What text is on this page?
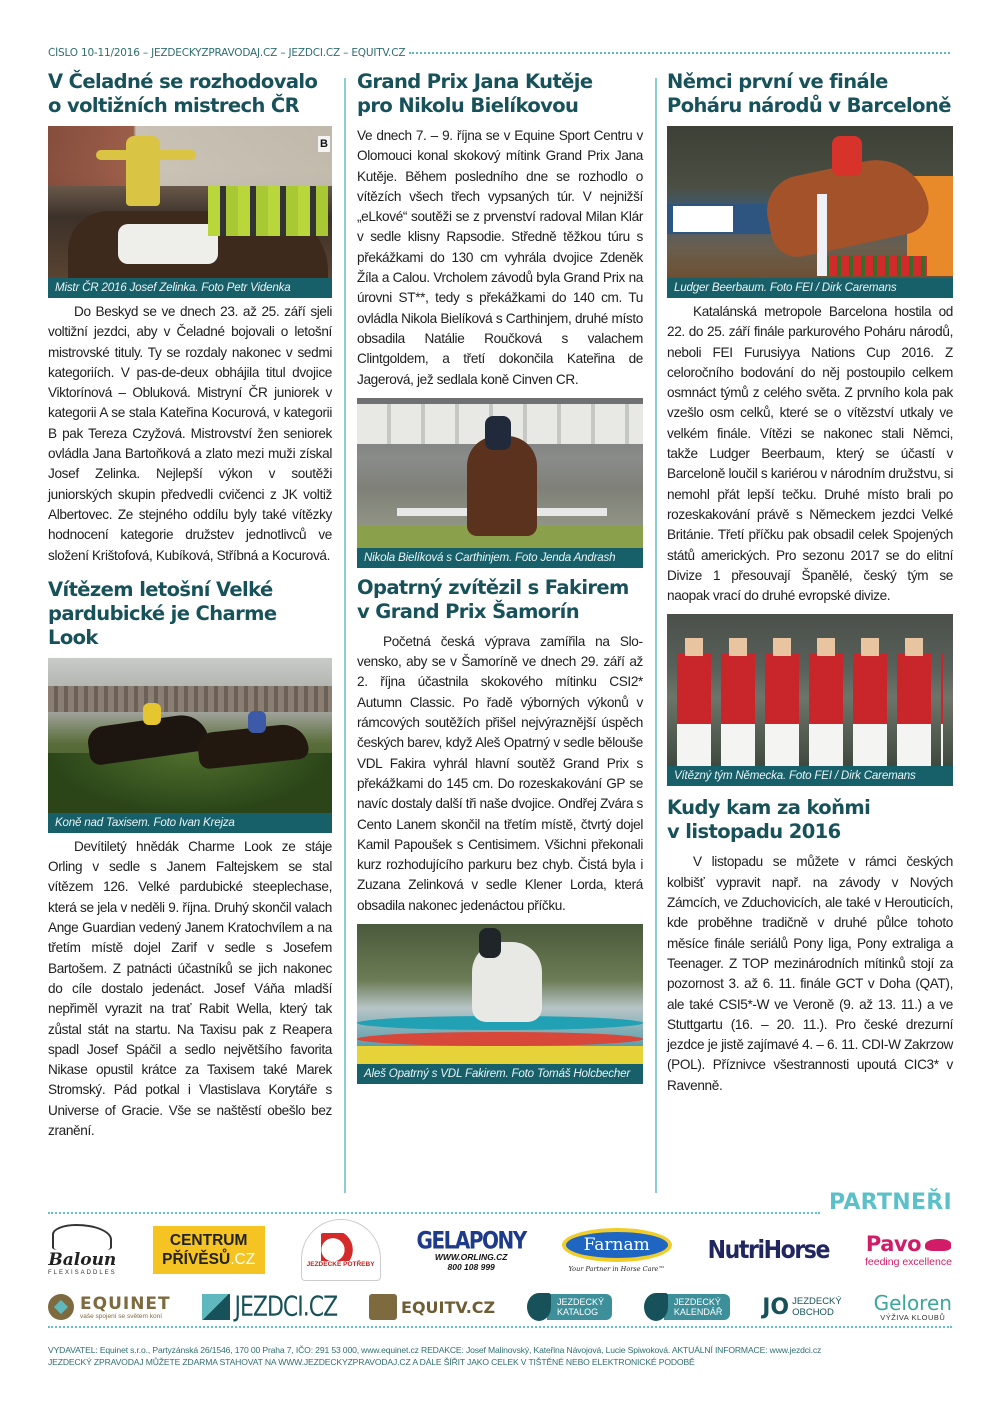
ČÍSLO 10-11/2016 – JEZDECKYZPRAVODAJ.CZ – JEZDCI.CZ – EQUITV.CZ
V Čeladné se rozhodovalo
o voltižních mistrech ČR
B
Mistr ČR 2016 Josef Zelinka. Foto Petr Videnka

Do Beskyd se ve dnech 23. až 25. září sjeli voltižní jezdci, aby v Čeladné bojovali o letošní mistrovské tituly. Ty se rozdaly nakonec v sedmi kategoriích. V pas-de-deux obhájila titul dvojice Viktorínová – Obluková. Mistryní ČR juniorek v kategorii A se stala Kateřina Kocurová, v kategorii B pak Tereza Czyžová. Mistrovství žen seniorek ovládla Jana Bartoňková a zlato mezi muži získal Josef Zelinka. Nejlepší výkon v soutěži juniorských skupin předvedli cvičenci z JK voltiž Albertovec. Ze stejného oddílu byly také vítězky hodnocení kategorie družstev jednotlivců ve složení Krištofová, Kubíková, Stříbná a Kocurová.

Vítězem letošní Velké
pardubické je Charme Look
Koně nad Taxisem. Foto Ivan Krejza

Devítiletý hnědák Charme Look ze stáje Orling v sedle s Janem Faltejskem se stal vítězem 126. Velké pardubické steeplechase, která se jela v neděli 9. října. Druhý skončil valach Ange Guardian vedený Janem Kratochvílem a na třetím místě dojel Zarif v sedle s Josefem Bartošem. Z patnácti účastníků se jich nakonec do cíle dostalo jedenáct. Josef Váňa mladší nepřiměl vyrazit na trať Rabit Wella, který tak zůstal stát na startu. Na Taxisu pak z Reapera spadl Josef Spáčil a sedlo největšího favorita Nikase opustil krátce za Taxisem také Marek Stromský. Pád potkal i Vlastislava Korytáře s Universe of Gracie. Vše se naštěstí obešlo bez zranění.

Grand Prix Jana Kutěje
pro Nikolu Bielíkovou

Ve dnech 7. – 9. října se v Equine Sport Centru v Olomouci konal skokový mítink Grand Prix Jana Kutěje. Během posledního dne se rozhodlo o vítězích všech třech vypsaných túr. V nejnižší „eLkové“ soutěži se z prvenství radoval Milan Klár v sedle klisny Rapsodie. Středně těžkou túru s překážkami do 130 cm vyhrála dvojice Zdeněk Žíla a Calou. Vrcholem závodů byla Grand Prix na úrovni ST**, tedy s překážkami do 140 cm. Tu ovládla Nikola Bielíková s Carthinjem, druhé místo obsadila Natálie Roučková s valachem Clintgoldem, a třetí dokončila Kateřina de Jagerová, jež sedlala koně Cinven CR.

Nikola Bielíková s Carthinjem. Foto Jenda Andrash
Opatrný zvítězil s Fakirem
v Grand Prix Šamorín

Početná česká výprava zamířila na Slovensko, aby se v Šamoríně ve dnech 29. září až 2. října účastnila skokového mítinku CSI2* Autumn Classic. Po řadě výborných výkonů v rámcových soutěžích přišel nejvýraznější úspěch českých barev, když Aleš Opatrný v sedle bělouše VDL Fakira vyhrál hlavní soutěž Grand Prix s překážkami do 145 cm. Do rozeskakování GP se navíc dostaly další tři naše dvojice. Ondřej Zvára s Cento Lanem skončil na třetím místě, čtvrtý dojel Kamil Papoušek s Centisimem. Všichni překonali kurz rozhodujícího parkuru bez chyb. Čistá byla i Zuzana Zelinková v sedle Klener Lorda, která obsadila nakonec jedenáctou příčku.

Aleš Opatrný s VDL Fakirem. Foto Tomáš Holcbecher
Němci první ve finále
Poháru národů v Barceloně
Ludger Beerbaum. Foto FEI / Dirk Caremans

Katalánská metropole Barcelona hostila od 22. do 25. září finále parkurového Poháru národů, neboli FEI Furusiyya Nations Cup 2016. Z celoročního bodování do něj postoupilo celkem osmnáct týmů z celého světa. Z prvního kola pak vzešlo osm celků, které se o vítězství utkaly ve velkém finále. Vítězi se nakonec stali Němci, takže Ludger Beerbaum, který se účastí v Barceloně loučil s kariérou v národním družstvu, si nemohl přát lepší tečku. Druhé místo brali po rozeskakování právě s Německem jezdci Velké Británie. Třetí příčku pak obsadil celek Spojených států amerických. Pro sezonu 2017 se do elitní Divize 1 přesouvají Španělé, český tým se naopak vrací do druhé evropské divize.

Vítězný tým Německa. Foto FEI / Dirk Caremans
Kudy kam za koňmi
v listopadu 2016

V listopadu se můžete v rámci českých kolbišť vypravit např. na závody v Nových Zámcích, ve Zduchovicích, ale také v Herouticích, kde proběhne tradičně v druhé půlce tohoto měsíce finále seriálů Pony liga, Pony extraliga a Teenager. Z TOP mezinárodních mítinků stojí za pozornost 3. až 6. 11. finále GCT v Doha (QAT), ale také CSI5*-W ve Veroně (9. až 13. 11.) a ve Stuttgartu (16. – 20. 11.). Pro české drezurní jezdce je jistě zajímavé 4. – 6. 11. CDI-W Zakrzow (POL). Příznivce všestrannosti upoutá CIC3* v Ravenně.

PARTNEŘI
Baloun
FLEXISADDLES
CENTRUM
PŘÍVĚSŮ.CZ	JEZDECKÉ POTŘEBY
GELAPONY
WWW.ORLING.CZ
800 108 999
Farnam
Your Partner in Horse Care™
NutriHorse Pavo
feeding excellence
EQUINET
vaše spojení se světem koní	JEZDCI.CZ	EQUITV.CZ	JEZDECKÝ
KATALOG
JEZDECKÝ
KALENDÁŘ JO JEZDECKÝ
OBCHOD	Geloren
VÝŽIVA KLOUBŮ
VYDAVATEL: Equinet s.r.o., Partyzánská 26/1546, 170 00 Praha 7, IČO: 291 53 000, www.equinet.cz REDAKCE: Josef Malinovský, Kateřina Návojová, Lucie Spiwoková. AKTUÁLNÍ INFORMACE: www.jezdci.cz
JEZDECKÝ ZPRAVODAJ MŮŽETE ZDARMA STAHOVAT NA WWW.JEZDECKYZPRAVODAJ.CZ A DÁLE ŠÍŘIT JAKO CELEK V TIŠTĚNÉ NEBO ELEKTRONICKÉ PODOBĚ
